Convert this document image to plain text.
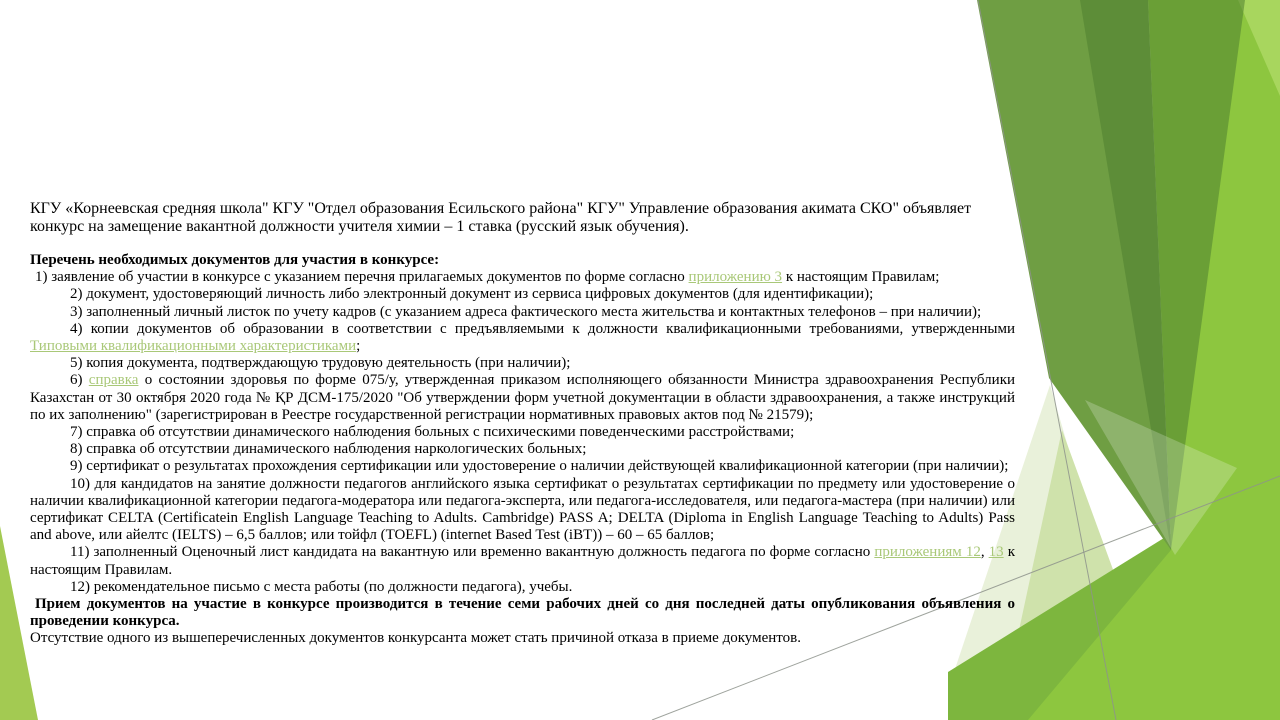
КГУ «Корнеевская средняя школа" КГУ "Отдел образования Есильского района" КГУ" Управление образования акимата СКО" объявляет
конкурс на замещение вакантной должности учителя химии – 1 ставка (русский язык обучения).

Перечень необходимых документов для участия в конкурсе:

1) заявление об участии в конкурсе с указанием перечня прилагаемых документов по форме согласно приложению 3 к настоящим Правилам;

2) документ, удостоверяющий личность либо электронный документ из сервиса цифровых документов (для идентификации);

3) заполненный личный листок по учету кадров (с указанием адреса фактического места жительства и контактных телефонов – при наличии);

4) копии документов об образовании в соответствии с предъявляемыми к должности квалификационными требованиями, утвержденными Типовыми квалификационными характеристиками;

5) копия документа, подтверждающую трудовую деятельность (при наличии);

6) справка о состоянии здоровья по форме 075/у, утвержденная приказом исполняющего обязанности Министра здравоохранения Республики Казахстан от 30 октября 2020 года № ҚР ДСМ-175/2020 "Об утверждении форм учетной документации в области здравоохранения, а также инструкций по их заполнению" (зарегистрирован в Реестре государственной регистрации нормативных правовых актов под № 21579);

7) справка об отсутствии динамического наблюдения больных с психическими поведенческими расстройствами;

8) справка об отсутствии динамического наблюдения наркологических больных;

9) сертификат о результатах прохождения сертификации или удостоверение о наличии действующей квалификационной категории (при наличии);

10) для кандидатов на занятие должности педагогов английского языка сертификат о результатах сертификации по предмету или удостоверение о наличии квалификационной категории педагога-модератора или педагога-эксперта, или педагога-исследователя, или педагога-мастера (при наличии) или сертификат CELTA (Certificatein English Language Teaching to Adults. Cambridge) PASS A; DELTA (Diploma in English Language Teaching to Adults) Pass and above, или айелтс (IELTS) – 6,5 баллов; или тойфл (TOEFL) (internet Based Test (iBT)) – 60 – 65 баллов;

11) заполненный Оценочный лист кандидата на вакантную или временно вакантную должность педагога по форме согласно приложениям 12, 13 к настоящим Правилам.

12) рекомендательное письмо с места работы (по должности педагога), учебы.

Прием документов на участие в конкурсе производится в течение семи рабочих дней со дня последней даты опубликования объявления о проведении конкурса.

Отсутствие одного из вышеперечисленных документов конкурсанта может стать причиной отказа в приеме документов.
